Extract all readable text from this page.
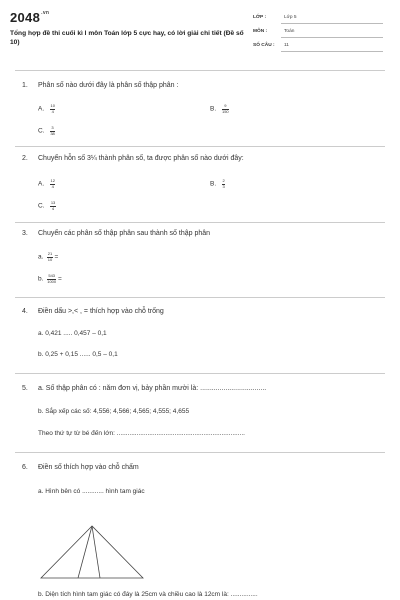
$2048^{.vn}$
Tổng hợp đề thi cuối kì I môn Toán lớp 5 cực hay, có lời giải chi tiết (Đề số 10)
LỚP :	Lớp 5
MÔN :	Toán
SỐ CÂU : 11
1. Phân số nào dưới đây là phân số thập phân :
A. $\frac{10}{4}$	B. $\frac{9}{150}$
C. $\frac{3}{38}$
2. Chuyển hỗn số 3¼ thành phân số, ta được phân số nào dưới đây:
A. $\frac{12}{4}$	B. $\frac{2}{3}$
C. $\frac{13}{4}$
3. Chuyển các phân số thập phân sau thành số thập phân
a. $\frac{21}{10}$ =
b. $\frac{543}{1000}$ =
4. Điền dấu >,< , = thích hợp vào chỗ trống
a. 0,421 ..... 0,457 – 0,1
b. 0,25 + 0,15 ...... 0,5 – 0,1
5. a. Số thập phân có : năm đơn vị, bảy phần mười là: ..................................
b. Sắp xếp các số: 4,556; 4,566; 4,565; 4,555; 4,655
Theo thứ tự từ bé đến lớn: .......................................................................
6. Điền số thích hợp vào chỗ chấm
a. Hình bên có ............ hình tam giác
b. Diện tích hình tam giác có đáy là 25cm và chiều cao là 12cm là: ...............
